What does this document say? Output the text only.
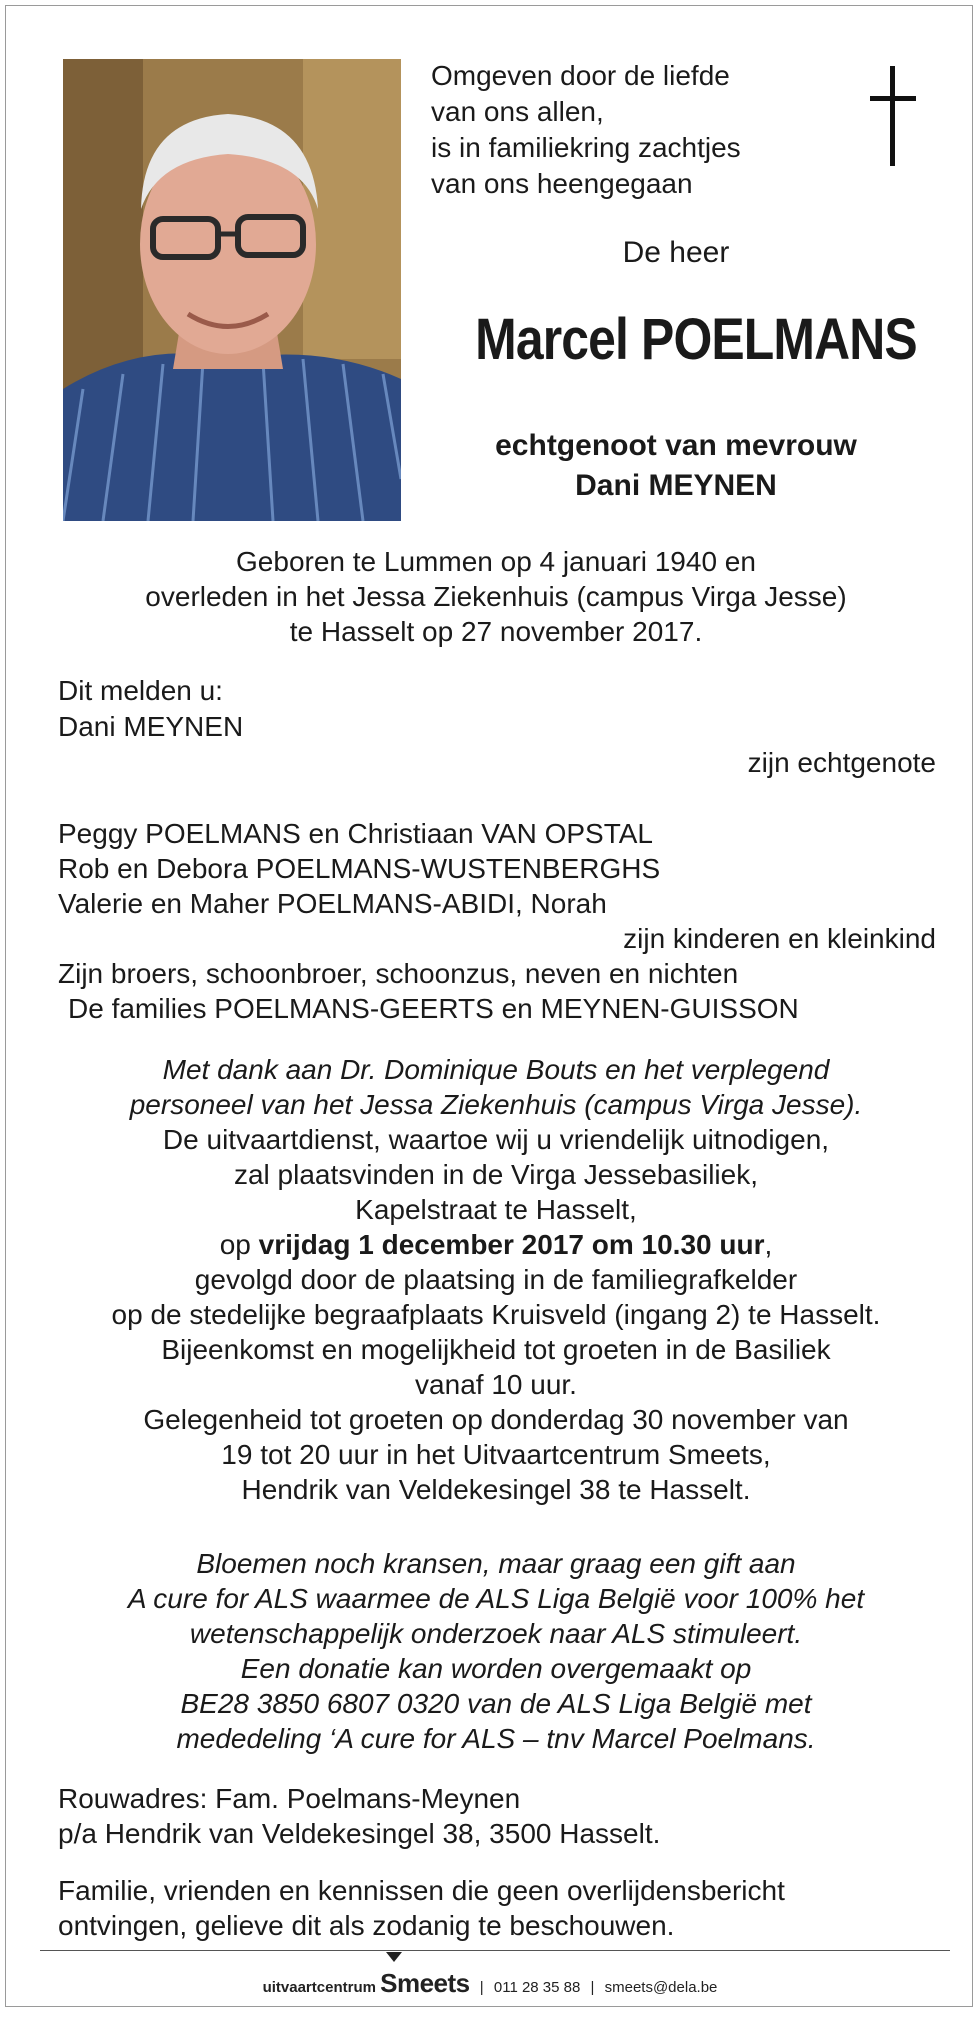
Omgeven door de liefde
van ons allen,
is in familiekring zachtjes
van ons heengegaan
De heer
Marcel POELMANS
echtgenoot van mevrouw
Dani MEYNEN
Geboren te Lummen op 4 januari 1940 en
overleden in het Jessa Ziekenhuis (campus Virga Jesse)
te Hasselt op 27 november 2017.
Dit melden u:
Dani MEYNEN
zijn echtgenote
Peggy POELMANS en Christiaan VAN OPSTAL
Rob en Debora POELMANS-WUSTENBERGHS
Valerie en Maher POELMANS-ABIDI, Norah
zijn kinderen en kleinkind
Zijn broers, schoonbroer, schoonzus, neven en nichten
De families POELMANS-GEERTS en MEYNEN-GUISSON
Met dank aan Dr. Dominique Bouts en het verplegend
personeel van het Jessa Ziekenhuis (campus Virga Jesse).
De uitvaartdienst, waartoe wij u vriendelijk uitnodigen,
zal plaatsvinden in de Virga Jessebasiliek,
Kapelstraat te Hasselt,
op vrijdag 1 december 2017 om 10.30 uur,
gevolgd door de plaatsing in de familiegrafkelder
op de stedelijke begraafplaats Kruisveld (ingang 2) te Hasselt.
Bijeenkomst en mogelijkheid tot groeten in de Basiliek
vanaf 10 uur.
Gelegenheid tot groeten op donderdag 30 november van
19 tot 20 uur in het Uitvaartcentrum Smeets,
Hendrik van Veldekesingel 38 te Hasselt.
Bloemen noch kransen, maar graag een gift aan
A cure for ALS waarmee de ALS Liga België voor 100% het
wetenschappelijk onderzoek naar ALS stimuleert.
Een donatie kan worden overgemaakt op
BE28 3850 6807 0320 van de ALS Liga België met
mededeling ‘A cure for ALS – tnv Marcel Poelmans.
Rouwadres: Fam. Poelmans-Meynen
p/a Hendrik van Veldekesingel 38, 3500 Hasselt.
Familie, vrienden en kennissen die geen overlijdensbericht
ontvingen, gelieve dit als zodanig te beschouwen.
uitvaartcentrum Smeets | 011 28 35 88 | smeets@dela.be
